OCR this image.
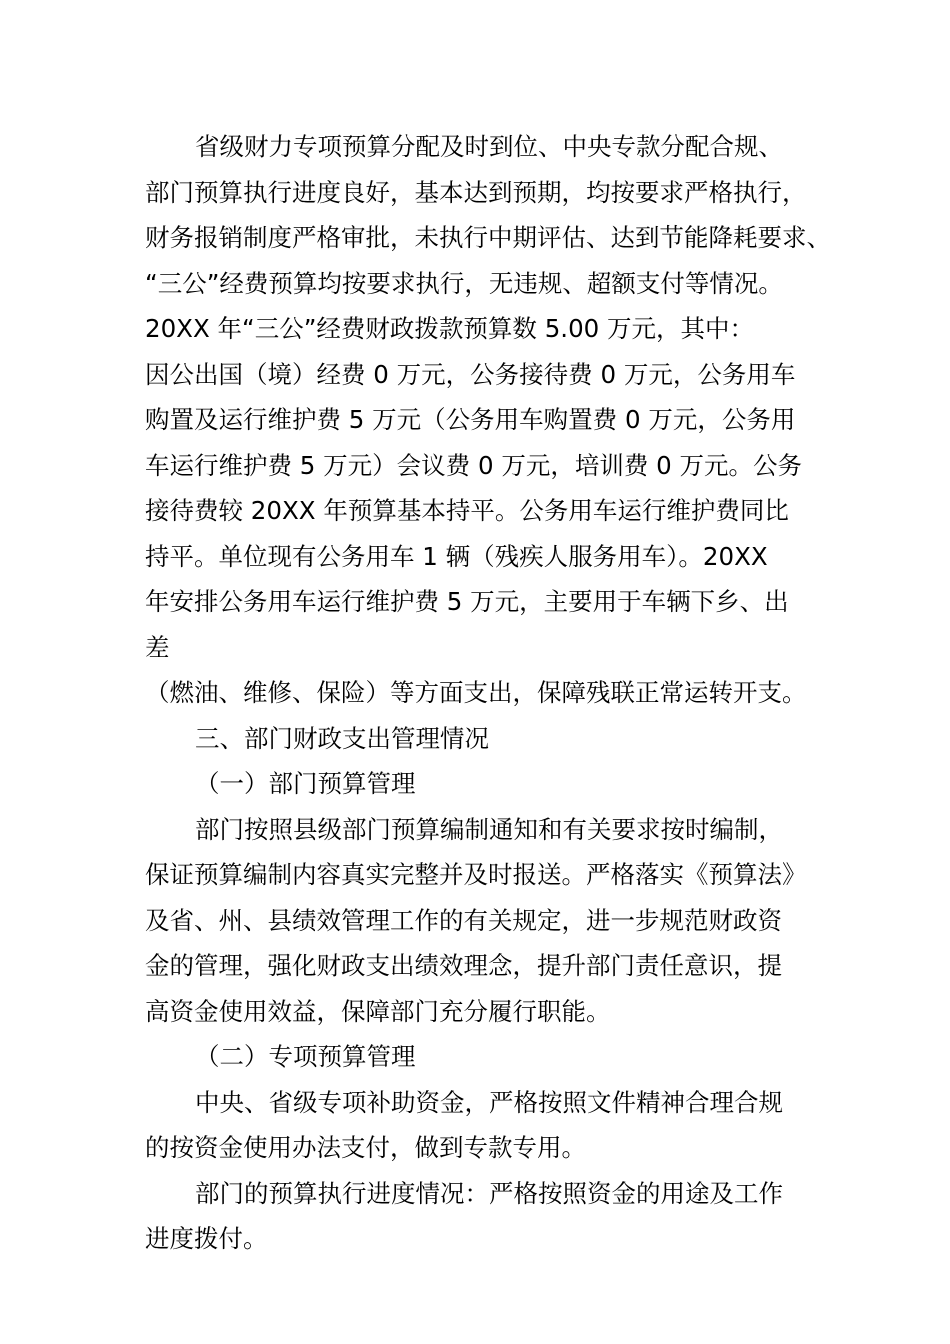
省级财力专项预算分配及时到位、中央专款分配合规、
部门预算执行进度良好，基本达到预期，均按要求严格执行，
财务报销制度严格审批，未执行中期评估、达到节能降耗要求、
“三公”经费预算均按要求执行，无违规、超额支付等情况。
20XX 年“三公”经费财政拨款预算数 5.00 万元，其中：
因公出国（境）经费 0 万元，公务接待费 0 万元，公务用车
购置及运行维护费 5 万元（公务用车购置费 0 万元，公务用
车运行维护费 5 万元）会议费 0 万元，培训费 0 万元。公务
接待费较 20XX 年预算基本持平。公务用车运行维护费同比
持平。单位现有公务用车 1 辆（残疾人服务用车）。20XX
年安排公务用车运行维护费 5 万元，主要用于车辆下乡、出
差
（燃油、维修、保险）等方面支出，保障残联正常运转开支。
三、部门财政支出管理情况
（一）部门预算管理
部门按照县级部门预算编制通知和有关要求按时编制，
保证预算编制内容真实完整并及时报送。严格落实《预算法》
及省、州、县绩效管理工作的有关规定，进一步规范财政资
金的管理，强化财政支出绩效理念，提升部门责任意识，提
高资金使用效益，保障部门充分履行职能。
（二）专项预算管理
中央、省级专项补助资金，严格按照文件精神合理合规
的按资金使用办法支付，做到专款专用。
部门的预算执行进度情况：严格按照资金的用途及工作
进度拨付。
